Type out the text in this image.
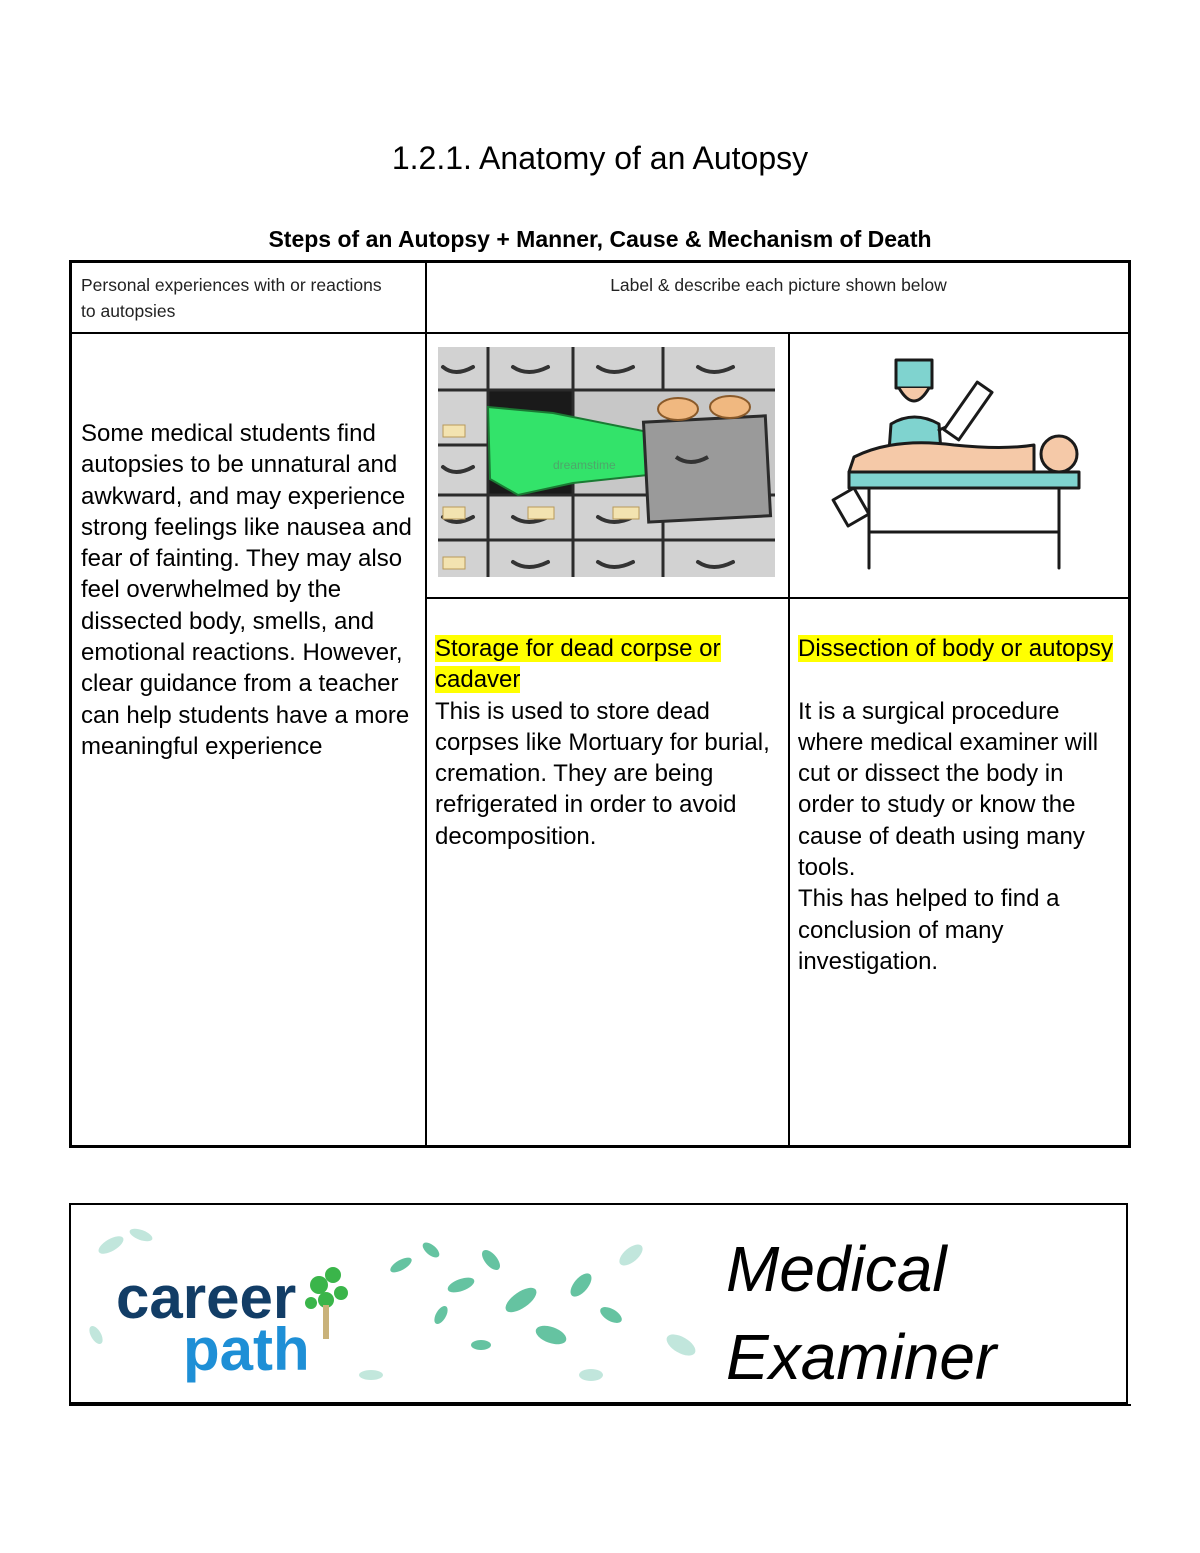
1.2.1. Anatomy of an Autopsy
Steps of an Autopsy + Manner, Cause & Mechanism of Death
Personal experiences with or reactions to autopsies
Label & describe each picture shown below
Some medical students find autopsies to be unnatural and awkward, and may experience strong feelings like nausea and fear of fainting. They may also feel overwhelmed by the dissected body, smells, and emotional reactions. However, clear guidance from a teacher can help students have a more meaningful experience
dreamstime
Storage for dead corpse or cadaver
This is used to store dead corpses like Mortuary for burial, cremation. They are being refrigerated in order to avoid decomposition.
Dissection of body or autopsy

It is a surgical procedure where medical examiner will cut or dissect the body in order to study or know the cause of death using many tools.
This has helped to find a conclusion of many investigation.
career
path
Medical
Examiner
